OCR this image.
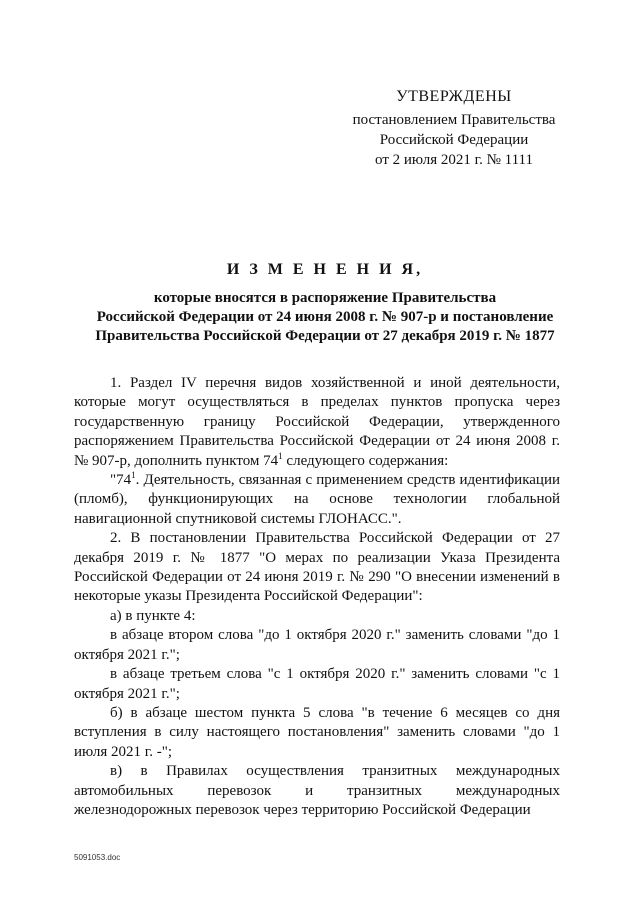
УТВЕРЖДЕНЫ
постановлением Правительства
Российской Федерации
от 2 июля 2021 г. № 1111
И З М Е Н Е Н И Я,
которые вносятся в распоряжение Правительства
Российской Федерации от 24 июня 2008 г. № 907-р и постановление
Правительства Российской Федерации от 27 декабря 2019 г. № 1877

1. Раздел IV перечня видов хозяйственной и иной деятельности, которые могут осуществляться в пределах пунктов пропуска через государственную границу Российской Федерации, утвержденного распоряжением Правительства Российской Федерации от 24 июня 2008 г. № 907-р, дополнить пунктом $74^1$ следующего содержания:

"$74^1$. Деятельность, связанная с применением средств идентификации (пломб), функционирующих на основе технологии глобальной навигационной спутниковой системы ГЛОНАСС.".

2. В постановлении Правительства Российской Федерации от 27 декабря 2019 г. № 1877 "О мерах по реализации Указа Президента Российской Федерации от 24 июня 2019 г. № 290 "О внесении изменений в некоторые указы Президента Российской Федерации":

а) в пункте 4:

в абзаце втором слова "до 1 октября 2020 г." заменить словами "до 1 октября 2021 г.";

в абзаце третьем слова "с 1 октября 2020 г." заменить словами "с 1 октября 2021 г.";

б) в абзаце шестом пункта 5 слова "в течение 6 месяцев со дня вступления в силу настоящего постановления" заменить словами "до 1 июля 2021 г. -";

в) в Правилах осуществления транзитных международных автомобильных перевозок и транзитных международных железнодорожных перевозок через территорию Российской Федерации

5091053.doc
